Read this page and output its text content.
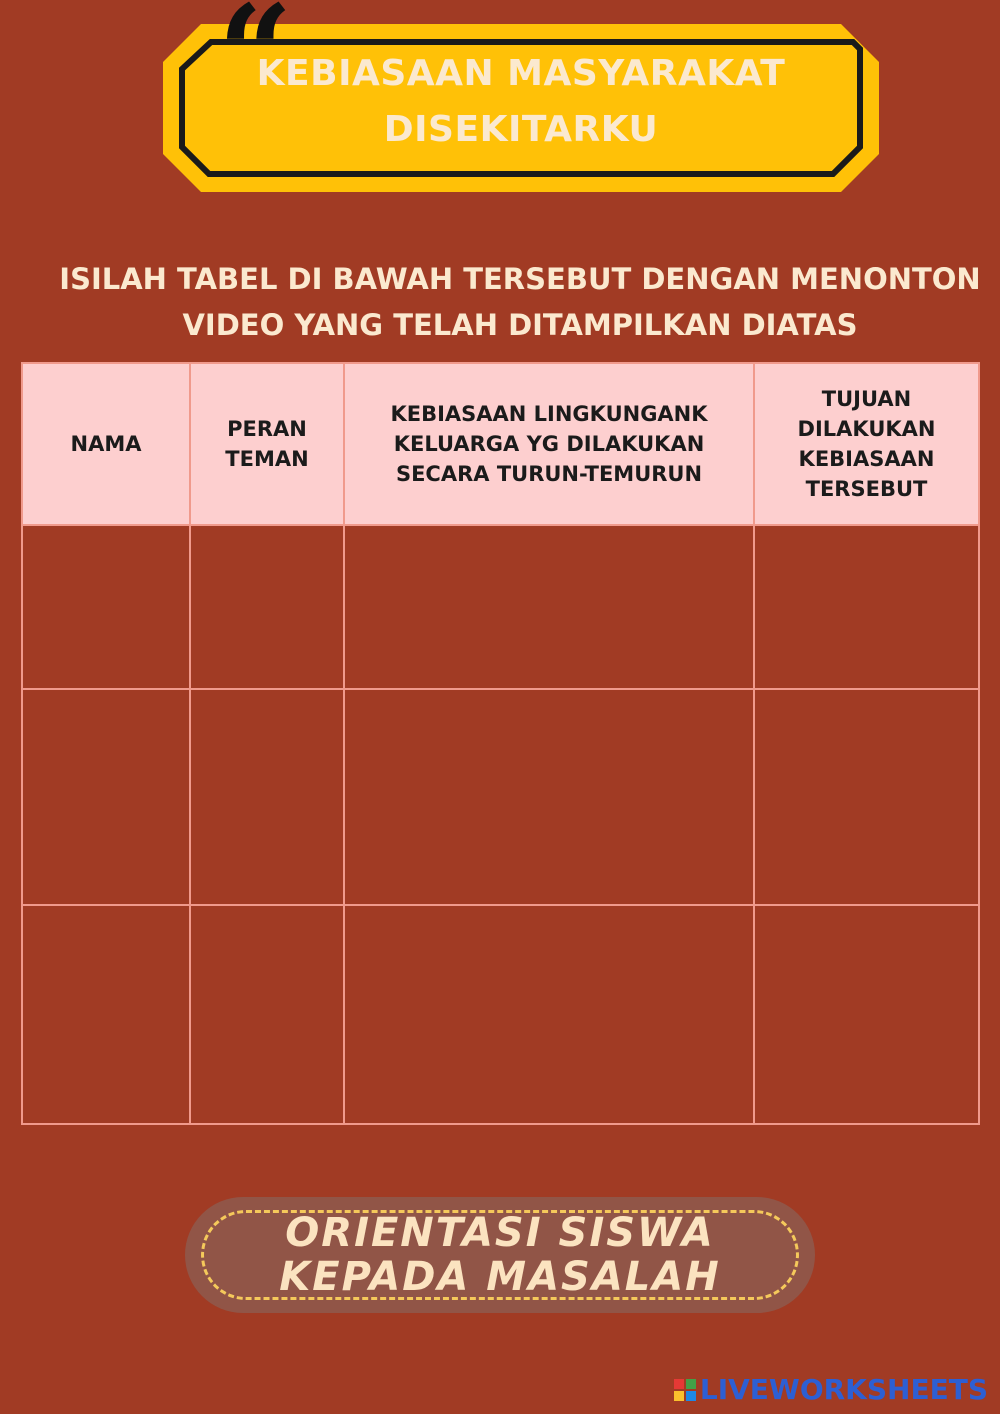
KEBIASAAN MASYARAKAT
DISEKITARKU
“
ISILAH TABEL DI BAWAH TERSEBUT DENGAN MENONTON
VIDEO YANG TELAH DITAMPILKAN DIATAS
NAMA	PERAN TEMAN	KEBIASAAN LINGKUNGANK KELUARGA YG DILAKUKAN SECARA TURUN-TEMURUN	TUJUAN DILAKUKAN KEBIASAAN TERSEBUT

ORIENTASI SISWA KEPADA MASALAH
LIVEWORKSHEETS
